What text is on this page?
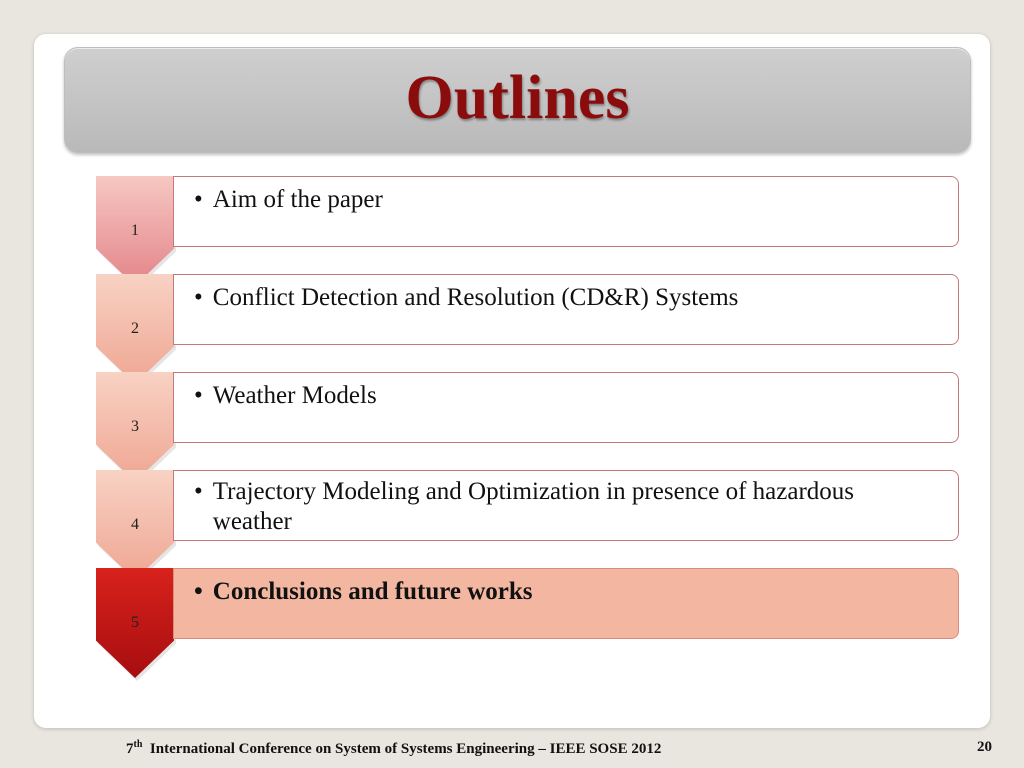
Outlines
1
• Aim of the paper
2
• Conflict Detection and Resolution (CD&R) Systems
3
• Weather Models
4
• Trajectory Modeling and Optimization in presence of hazardous weather
5
• Conclusions and future works
7th International Conference on System of Systems Engineering – IEEE SOSE 2012	20
